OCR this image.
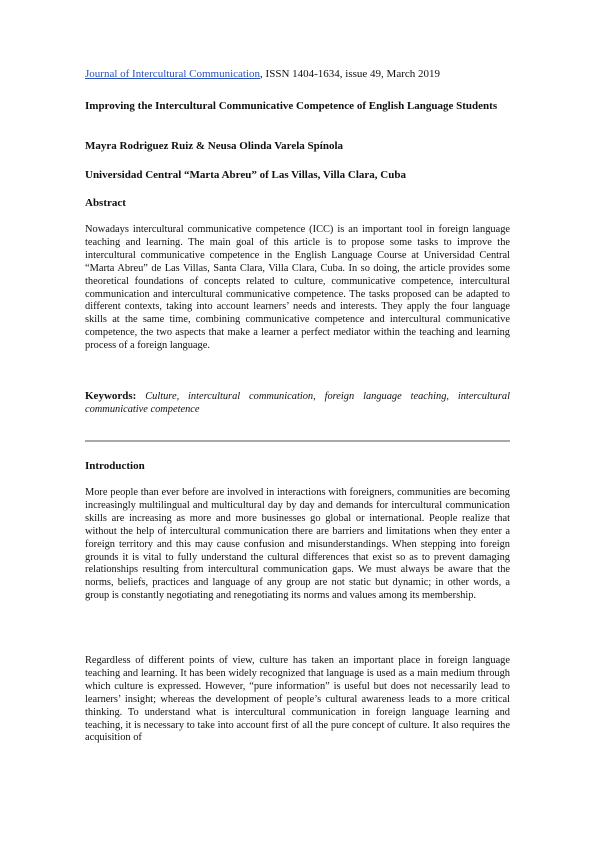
Journal of Intercultural Communication, ISSN 1404-1634, issue 49, March 2019
Improving the Intercultural Communicative Competence of English Language Students
Mayra Rodriguez Ruiz & Neusa Olinda Varela Spínola
Universidad Central “Marta Abreu” of Las Villas, Villa Clara, Cuba
Abstract
Nowadays intercultural communicative competence (ICC) is an important tool in foreign language teaching and learning. The main goal of this article is to propose some tasks to improve the intercultural communicative competence in the English Language Course at Universidad Central “Marta Abreu” de Las Villas, Santa Clara, Villa Clara, Cuba. In so doing, the article provides some theoretical foundations of concepts related to culture, communicative competence, intercultural communication and intercultural communicative competence. The tasks proposed can be adapted to different contexts, taking into account learners’ needs and interests. They apply the four language skills at the same time, combining communicative competence and intercultural communicative competence, the two aspects that make a learner a perfect mediator within the teaching and learning process of a foreign language.
Keywords: Culture, intercultural communication, foreign language teaching, intercultural communicative competence
Introduction
More people than ever before are involved in interactions with foreigners, communities are becoming increasingly multilingual and multicultural day by day and demands for intercultural communication skills are increasing as more and more businesses go global or international. People realize that without the help of intercultural communication there are barriers and limitations when they enter a foreign territory and this may cause confusion and misunderstandings. When stepping into foreign grounds it is vital to fully understand the cultural differences that exist so as to prevent damaging relationships resulting from intercultural communication gaps. We must always be aware that the norms, beliefs, practices and language of any group are not static but dynamic; in other words, a group is constantly negotiating and renegotiating its norms and values among its membership.
Regardless of different points of view, culture has taken an important place in foreign language teaching and learning. It has been widely recognized that language is used as a main medium through which culture is expressed. However, “pure information” is useful but does not necessarily lead to learners’ insight; whereas the development of people’s cultural awareness leads to a more critical thinking. To understand what is intercultural communication in foreign language learning and teaching, it is necessary to take into account first of all the pure concept of culture. It also requires the acquisition of
